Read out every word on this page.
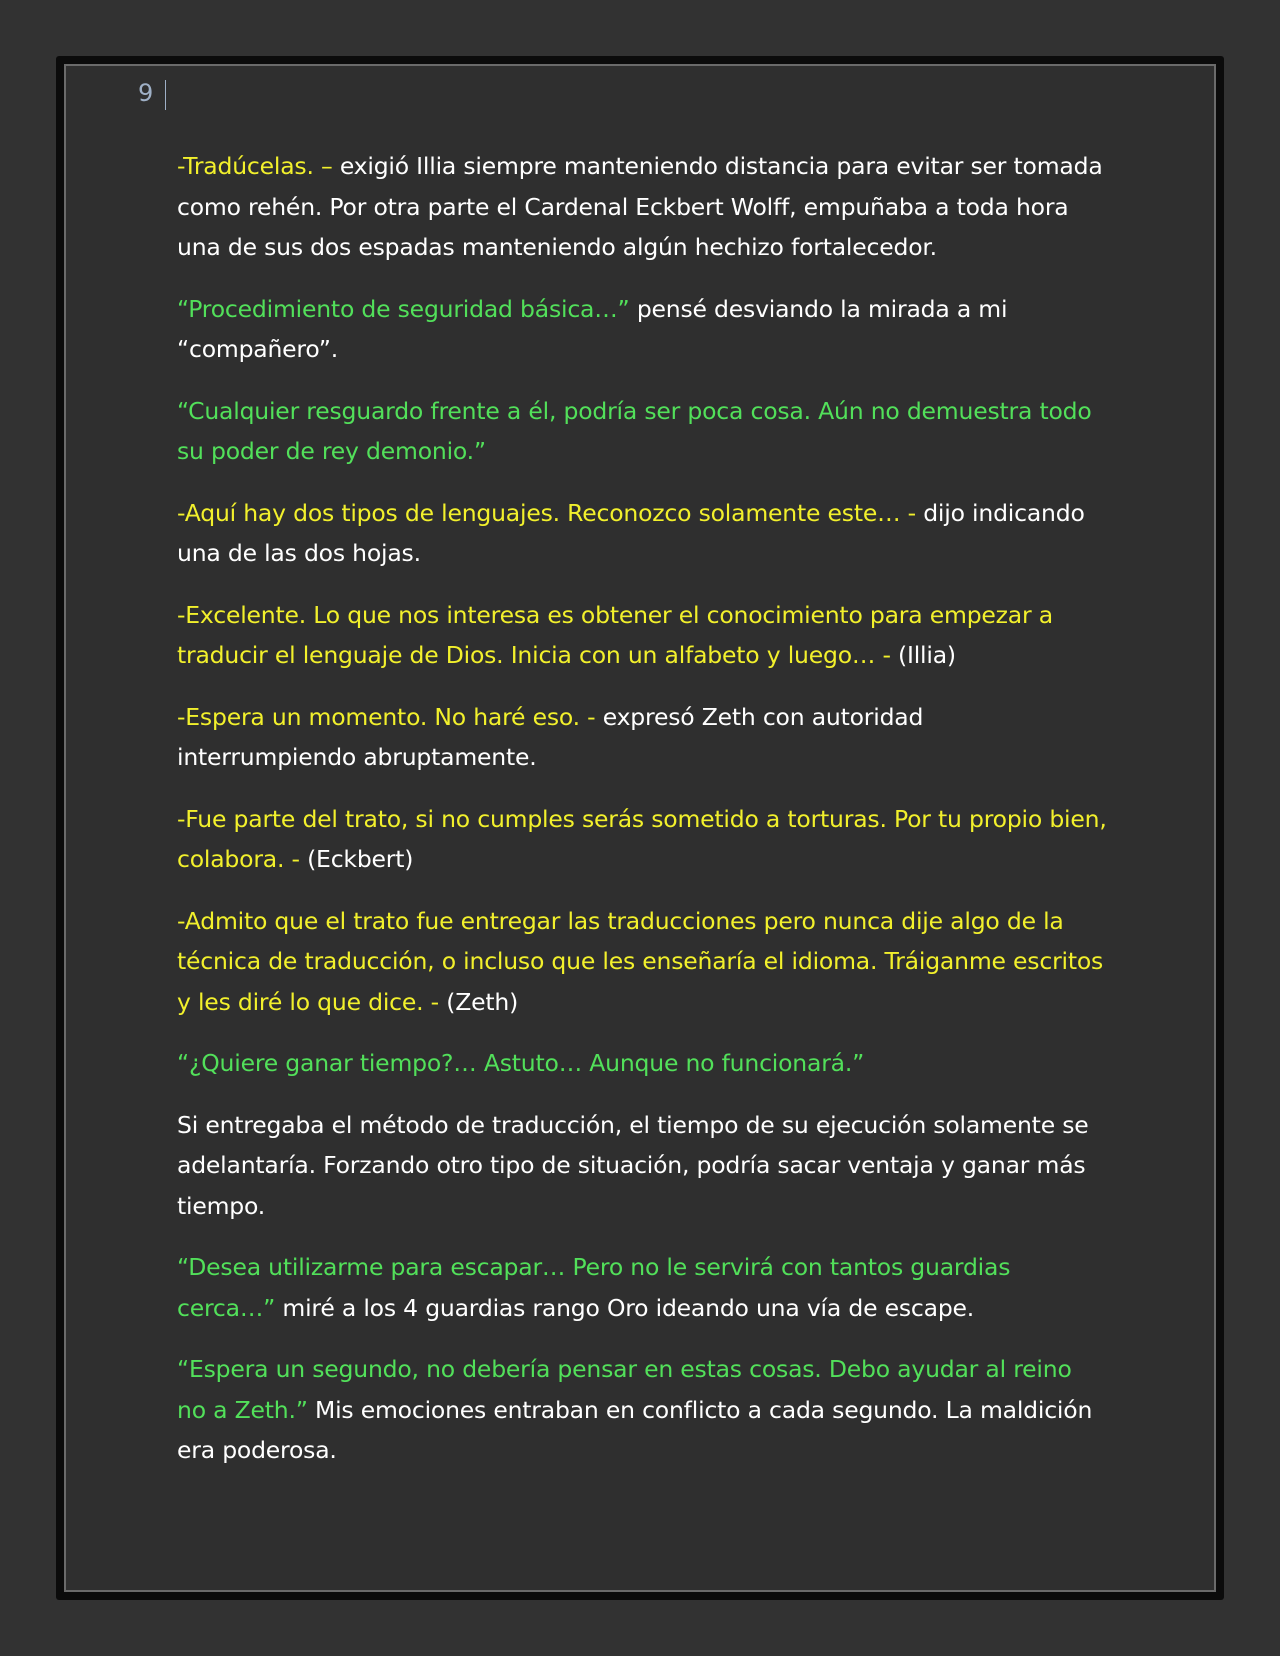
9

-Tradúcelas. – exigió Illia siempre manteniendo distancia para evitar ser tomada como rehén. Por otra parte el Cardenal Eckbert Wolff, empuñaba a toda hora una de sus dos espadas manteniendo algún hechizo fortalecedor.

“Procedimiento de seguridad básica…” pensé desviando la mirada a mi “compañero”.

“Cualquier resguardo frente a él, podría ser poca cosa. Aún no demuestra todo su poder de rey demonio.”

-Aquí hay dos tipos de lenguajes. Reconozco solamente este… - dijo indicando una de las dos hojas.

-Excelente. Lo que nos interesa es obtener el conocimiento para empezar a traducir el lenguaje de Dios. Inicia con un alfabeto y luego… - (Illia)

-Espera un momento. No haré eso. - expresó Zeth con autoridad interrumpiendo abruptamente.

-Fue parte del trato, si no cumples serás sometido a torturas. Por tu propio bien, colabora. - (Eckbert)

-Admito que el trato fue entregar las traducciones pero nunca dije algo de la técnica de traducción, o incluso que les enseñaría el idioma. Tráiganme escritos y les diré lo que dice. - (Zeth)

“¿Quiere ganar tiempo?… Astuto… Aunque no funcionará.”

Si entregaba el método de traducción, el tiempo de su ejecución solamente se adelantaría. Forzando otro tipo de situación, podría sacar ventaja y ganar más tiempo.

“Desea utilizarme para escapar… Pero no le servirá con tantos guardias cerca…” miré a los 4 guardias rango Oro ideando una vía de escape.

“Espera un segundo, no debería pensar en estas cosas. Debo ayudar al reino no a Zeth.” Mis emociones entraban en conflicto a cada segundo. La maldición era poderosa.
